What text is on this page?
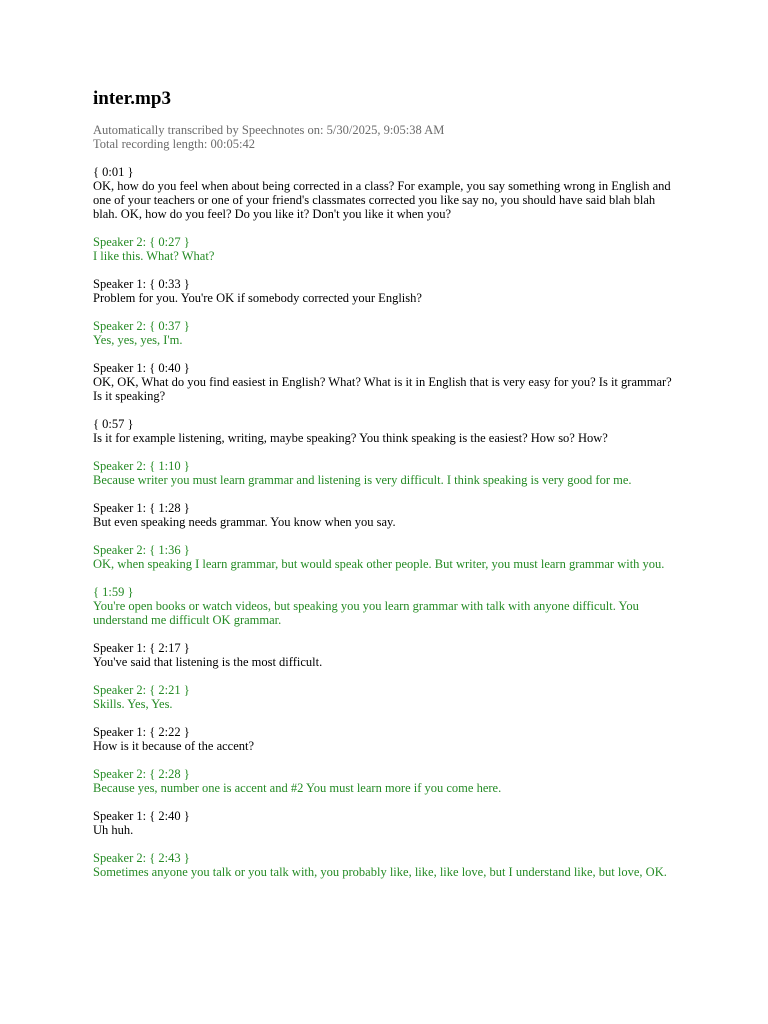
inter.mp3
Automatically transcribed by Speechnotes on: 5/30/2025, 9:05:38 AM
Total recording length: 00:05:42
{ 0:01 }
OK, how do you feel when about being corrected in a class? For example, you say something wrong in English and one of your teachers or one of your friend's classmates corrected you like say no, you should have said blah blah blah. OK, how do you feel? Do you like it? Don't you like it when you?
Speaker 2: { 0:27 }
I like this. What? What?
Speaker 1: { 0:33 }
Problem for you. You're OK if somebody corrected your English?
Speaker 2: { 0:37 }
Yes, yes, yes, I'm.
Speaker 1: { 0:40 }
OK, OK, What do you find easiest in English? What? What is it in English that is very easy for you? Is it grammar? Is it speaking?
{ 0:57 }
Is it for example listening, writing, maybe speaking? You think speaking is the easiest? How so? How?
Speaker 2: { 1:10 }
Because writer you must learn grammar and listening is very difficult. I think speaking is very good for me.
Speaker 1: { 1:28 }
But even speaking needs grammar. You know when you say.
Speaker 2: { 1:36 }
OK, when speaking I learn grammar, but would speak other people. But writer, you must learn grammar with you.
{ 1:59 }
You're open books or watch videos, but speaking you you learn grammar with talk with anyone difficult. You understand me difficult OK grammar.
Speaker 1: { 2:17 }
You've said that listening is the most difficult.
Speaker 2: { 2:21 }
Skills. Yes, Yes.
Speaker 1: { 2:22 }
How is it because of the accent?
Speaker 2: { 2:28 }
Because yes, number one is accent and #2 You must learn more if you come here.
Speaker 1: { 2:40 }
Uh huh.
Speaker 2: { 2:43 }
Sometimes anyone you talk or you talk with, you probably like, like, like love, but I understand like, but love, OK.
